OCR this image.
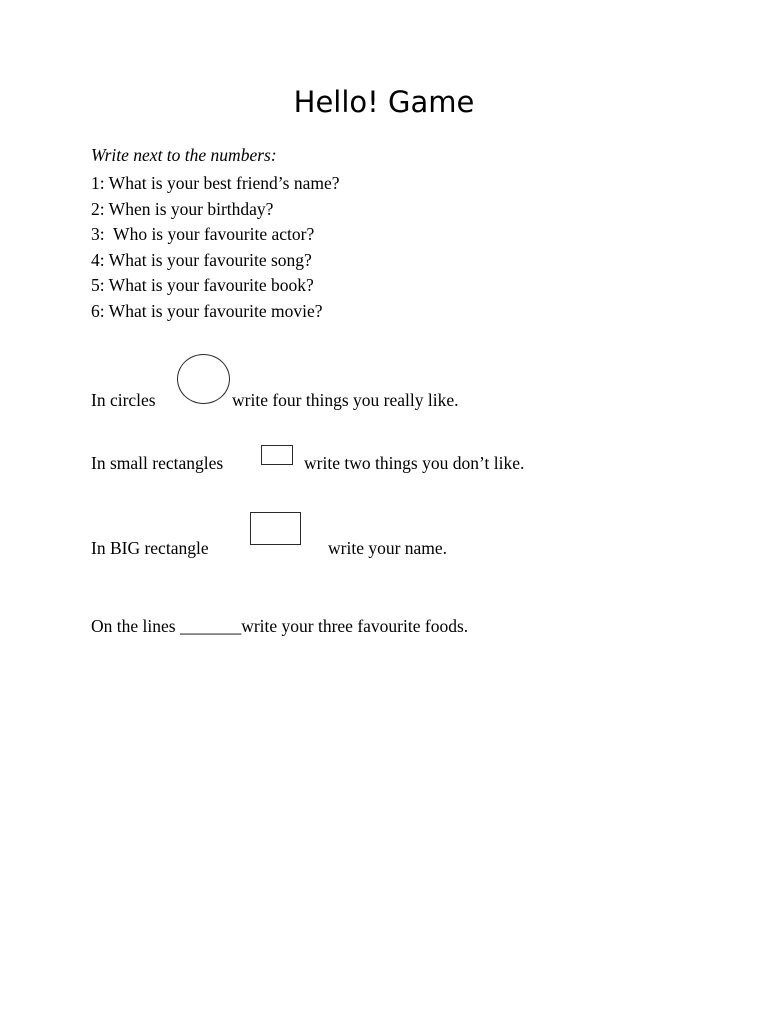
Hello! Game
Write next to the numbers:
1: What is your best friend’s name?
2: When is your birthday?
3:  Who is your favourite actor?
4: What is your favourite song?
5: What is your favourite book?
6: What is your favourite movie?
In circles	write four things you really like.
In small rectangles	write two things you don’t like.
In BIG rectangle	write your name.
On the lines _______write your three favourite foods.
